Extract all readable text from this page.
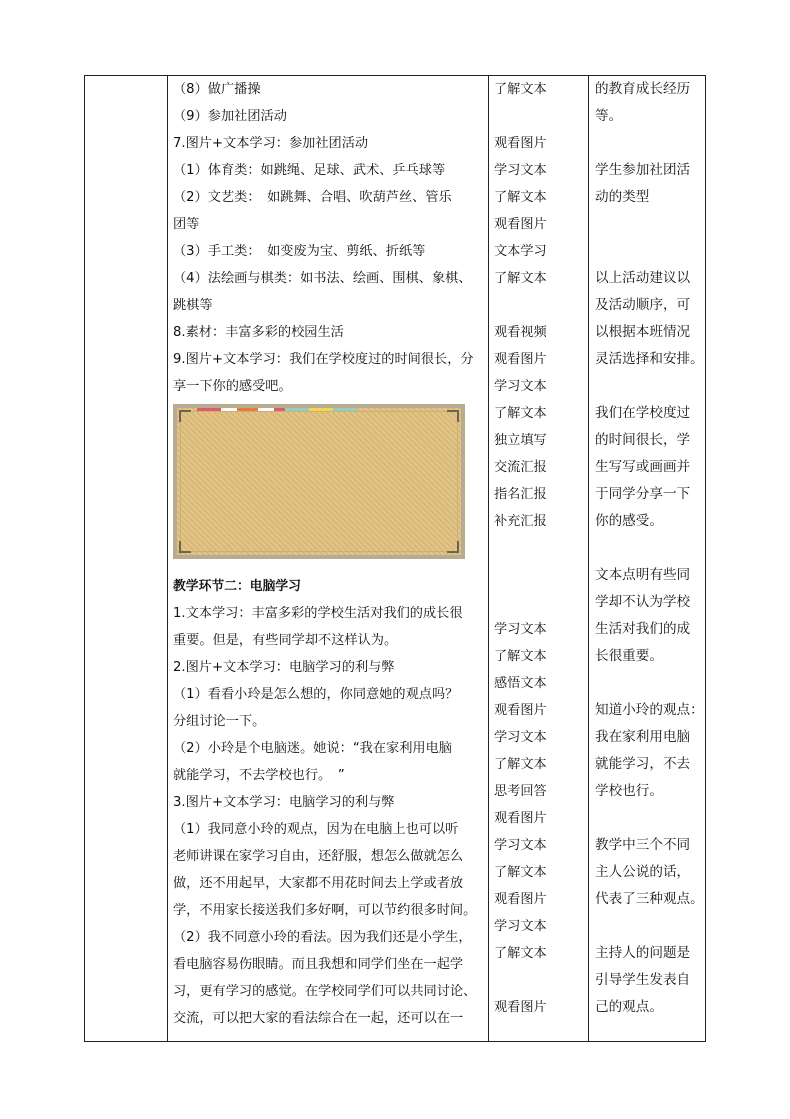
（8）做广播操
（9）参加社团活动
7.图片+文本学习：参加社团活动
（1）体育类：如跳绳、足球、武术、乒乓球等
（2）文艺类：　如跳舞、合唱、吹葫芦丝、管乐
团等
（3）手工类：　如变废为宝、剪纸、折纸等
（4）法绘画与棋类：如书法、绘画、围棋、象棋、
跳棋等
8.素材：丰富多彩的校园生活
9.图片+文本学习：我们在学校度过的时间很长，分
享一下你的感受吧。
教学环节二：电脑学习
1.文本学习：丰富多彩的学校生活对我们的成长很
重要。但是，有些同学却不这样认为。
2.图片+文本学习：电脑学习的利与弊
（1）看看小玲是怎么想的，你同意她的观点吗？
分组讨论一下。
（2）小玲是个电脑迷。她说：“我在家利用电脑
就能学习，不去学校也行。　”
3.图片+文本学习：电脑学习的利与弊
（1）我同意小玲的观点，因为在电脑上也可以听
老师讲课在家学习自由，还舒服，想怎么做就怎么
做，还不用起早，大家都不用花时间去上学或者放
学，不用家长接送我们多好啊，可以节约很多时间。
（2）我不同意小玲的看法。因为我们还是小学生，
看电脑容易伤眼睛。而且我想和同学们坐在一起学
习，更有学习的感觉。在学校同学们可以共同讨论、
交流，可以把大家的看法综合在一起，还可以在一
了解文本
观看图片
学习文本
了解文本
观看图片
文本学习
了解文本
观看视频
观看图片
学习文本
了解文本
独立填写
交流汇报
指名汇报
补充汇报
学习文本
了解文本
感悟文本
观看图片
学习文本
了解文本
思考回答
观看图片
学习文本
了解文本
观看图片
学习文本
了解文本
观看图片
的教育成长经历
等。
学生参加社团活
动的类型
以上活动建议以
及活动顺序，可
以根据本班情况
灵活选择和安排。
我们在学校度过
的时间很长，学
生写写或画画并
于同学分享一下
你的感受。
文本点明有些同
学却不认为学校
生活对我们的成
长很重要。
知道小玲的观点：
我在家利用电脑
就能学习，不去
学校也行。
教学中三个不同
主人公说的话，
代表了三种观点。
主持人的问题是
引导学生发表自
己的观点。
